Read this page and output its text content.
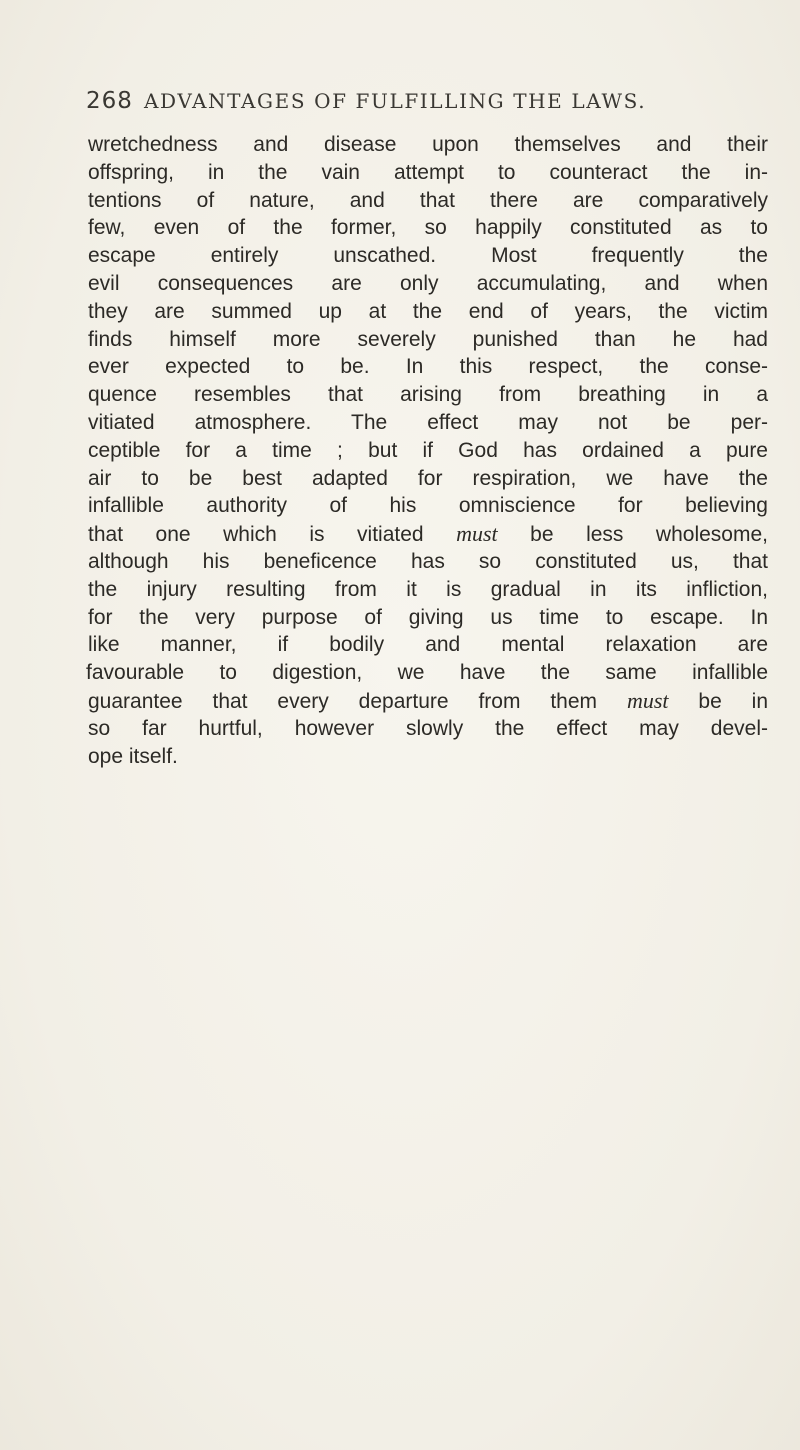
268 ADVANTAGES OF FULFILLING THE LAWS.
wretchedness and disease upon themselves and their
offspring, in the vain attempt to counteract the in-
tentions of nature, and that there are comparatively
few, even of the former, so happily constituted as to
escape entirely unscathed. Most frequently the
evil consequences are only accumulating, and when
they are summed up at the end of years, the victim
finds himself more severely punished than he had
ever expected to be. In this respect, the conse-
quence resembles that arising from breathing in a
vitiated atmosphere. The effect may not be per-
ceptible for a time ; but if God has ordained a pure
air to be best adapted for respiration, we have the
infallible authority of his omniscience for believing
that one which is vitiated must be less wholesome,
although his beneficence has so constituted us, that
the injury resulting from it is gradual in its infliction,
for the very purpose of giving us time to escape. In
like manner, if bodily and mental relaxation are
favourable to digestion, we have the same infallible
guarantee that every departure from them must be in
so far hurtful, however slowly the effect may devel-
ope itself.
